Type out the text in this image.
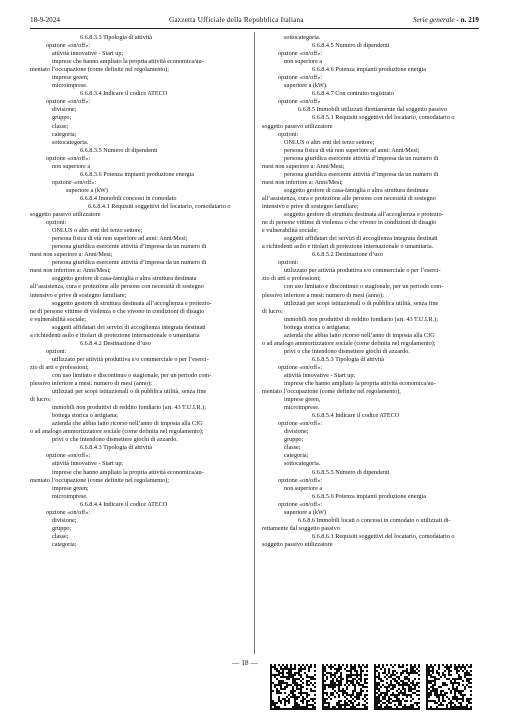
18-9-2024	Gazzetta Ufficiale della Repubblica Italiana	Serie generale - n. 219
6.6.8.3.3 Tipologia di attività
opzione «on/off»:
attività innovative - Start up;
imprese che hanno ampliato la propria attività economica/au-
mentato l’occupazione (come definite nel regolamento);
imprese green;
microimprese.
6.6.8.3.4 Indicare il codice ATECO
opzione «on/off»:
divisione;
gruppo;
classe;
categoria;
sottocategoria.
6.6.8.3.5 Numero di dipendenti
opzione «on/off»:
non superiore a
6.6.8.3.6 Potenza impianti produzione energia
opzione «on/off»:
superiore a (kW)
6.6.8.4 Immobili concessi in comodato
6.6.8.4.1 Requisiti soggettivi del locatario, comodatario o
soggetto passivo utilizzatore
opzioni:
ONLUS o altri enti del terzo settore;
persona fisica di età non superiore ad anni: Anni/Mesi;
persona giuridica esercente attività d’impresa da un numero di
mesi non superiore a: Anni/Mesi;
persona giuridica esercente attività d’impresa da un numero di
mesi non inferiore a: Anni/Mesi;
soggetto gestore di casa-famiglia o altra struttura destinata
all’assistenza, cura e protezione alle persone con necessità di sostegno
intensivo e prive di sostegno familiare;
soggetto gestore di struttura destinata all’accoglienza e protezio-
ne di persone vittime di violenza o che vivono in condizioni di disagio
e vulnerabilità sociale;
soggetti affidatari dei servizi di accoglienza integrata destinati
a richiedenti asilo e titolari di protezione internazionale o umanitaria
6.6.8.4.2 Destinazione d’uso
opzioni:
utilizzato per attività produttiva e/o commerciale o per l’eserci-
zio di arti e professioni;
con uso limitato e discontinuo o stagionale, per un periodo com-
plessivo inferiore a mesi: numero di mesi (anno);
utilizzati per scopi istituzionali o di pubblica utilità, senza fine
di lucro;
immobili non produttivi di reddito fondiario (art. 43 T.U.I.R.);
bottega storica o artigiana;
azienda che abbia fatto ricorso nell’anno di imposta alla CIG
o ad analogo ammortizzatore sociale (come definita nel regolamento);
privi o che intendono dismettere giochi di azzardo.
6.6.8.4.3 Tipologia di attività
opzione «on/off»:
attività innovative - Start up;
imprese che hanno ampliato la propria attività economica/au-
mentato l’occupazione (come definite nel regolamento);
imprese green;
microimprese.
6.6.8.4.4 Indicare il codice ATECO
opzione «on/off»:
divisione;
gruppo;
classe;
categoria;
sottocategoria.
6.6.8.4.5 Numero di dipendenti
opzione «on/off»:
non superiore a
6.6.8.4.6 Potenza impianti produzione energia
opzione «on/off»:
superiore a (kW).
6.6.8.4.7 Con contratto registrato
opzione «on/off»
6.6.8.5 Immobili utilizzati direttamente dal soggetto passivo
6.6.8.5.1 Requisiti soggettivi del locatario, comodatario o
soggetto passivo utilizzatore
opzioni:
ONLUS o altri enti del terzo settore;
persona fisica di età non superiore ad anni: Anni/Mesi;
persona giuridica esercente attività d’impresa da un numero di
mesi non superiore a: Anni/Mesi;
persona giuridica esercente attività d’impresa da un numero di
mesi non inferiore a: Anni/Mesi;
soggetto gestore di casa-famiglia o altra struttura destinata
all’assistenza, cura e protezione alle persone con necessità di sostegno
intensivo e prive di sostegno familiare;
soggetto gestore di struttura destinata all’accoglienza e protezio-
ne di persone vittime di violenza o che vivono in condizioni di disagio
e vulnerabilità sociale;
soggetti affidatari dei servizi di accoglienza integrata destinati
a richiedenti asilo e titolari di protezione internazionale o umanitaria.
6.6.8.5.2 Destinazione d’uso
opzioni:
utilizzato per attività produttiva e/o commerciale o per l’eserci-
zio di arti e professioni;
con uso limitato e discontinuo o stagionale, per un periodo com-
plessivo inferiore a mesi: numero di mesi (anno);
utilizzati per scopi istituzionali o di pubblica utilità, senza fine
di lucro;
immobili non produttivi di reddito fondiario (art. 43 T.U.I.R.);
bottega storica o artigiana;
azienda che abbia fatto ricorso nell’anno di imposta alla CIG
o ad analogo ammortizzatore sociale (come definita nel regolamento);
privi o che intendono dismettere giochi di azzardo.
6.6.8.5.3 Tipologia di attività
opzione «on/off»:
attività innovative - Start up;
imprese che hanno ampliato la propria attività economica/au-
mentato l’occupazione (come definite nel regolamento),
imprese green,
microimprese.
6.6.8.5.4 Indicare il codice ATECO
opzione «on/off»:
divisione;
gruppo;
classe;
categoria;
sottocategoria.
6.6.8.5.5 Numero di dipendenti
opzione «on/off»:
non superiore a
6.6.8.5.6 Potenza impianti produzione energia
opzione «on/off»:
superiore a (kW)
6.6.8.6 Immobili locati o concessi in comodato o utilizzati di-
rettamente dal soggetto passivo
6.6.8.6.1 Requisiti soggettivi del locatario, comodatario o
soggetto passivo utilizzatore
— 18 —
